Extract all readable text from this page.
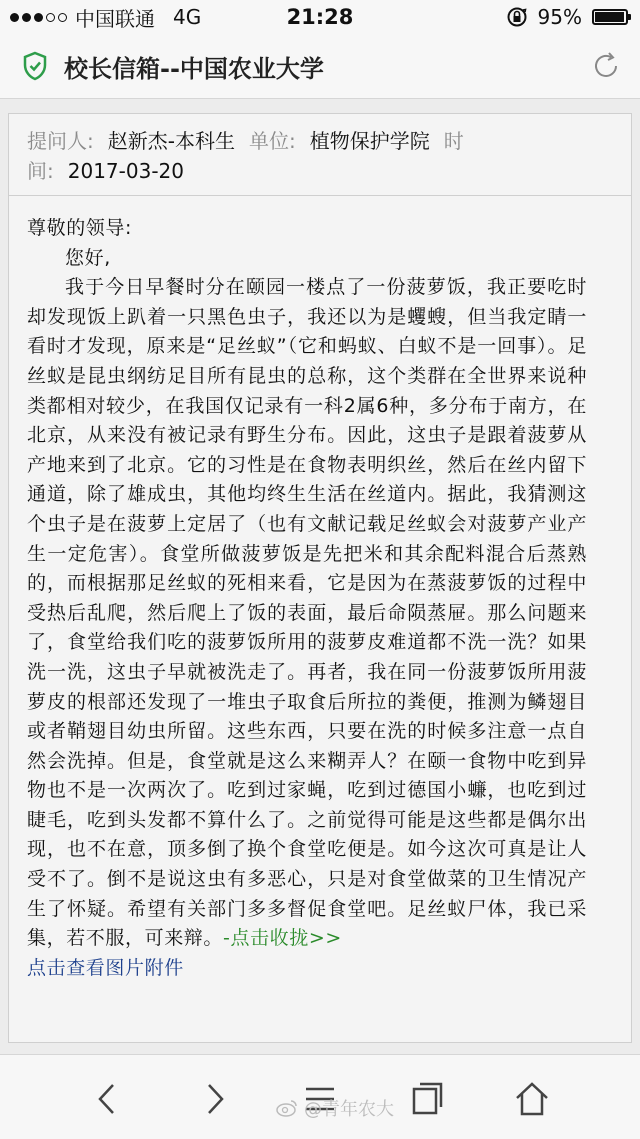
中国联通 4G	21:28	95%
校长信箱--中国农业大学
提问人: 赵新杰-本科生 单位: 植物保护学院 时
间: 2017-03-20

尊敬的领导:

您好,

我于今日早餐时分在颐园一楼点了一份菠萝饭，我正要吃时却发现饭上趴着一只黑色虫子，我还以为是蠼螋，但当我定睛一看时才发现，原来是“足丝蚁”（它和蚂蚁、白蚁不是一回事）。足丝蚁是昆虫纲纺足目所有昆虫的总称，这个类群在全世界来说种类都相对较少，在我国仅记录有一科2属6种，多分布于南方，在北京，从来没有被记录有野生分布。因此，这虫子是跟着菠萝从产地来到了北京。它的习性是在食物表明织丝，然后在丝内留下通道，除了雄成虫，其他均终生生活在丝道内。据此，我猜测这个虫子是在菠萝上定居了（也有文献记载足丝蚁会对菠萝产业产生一定危害）。食堂所做菠萝饭是先把米和其余配料混合后蒸熟的，而根据那足丝蚁的死相来看，它是因为在蒸菠萝饭的过程中受热后乱爬，然后爬上了饭的表面，最后命陨蒸屉。那么问题来了，食堂给我们吃的菠萝饭所用的菠萝皮难道都不洗一洗？如果洗一洗，这虫子早就被洗走了。再者，我在同一份菠萝饭所用菠萝皮的根部还发现了一堆虫子取食后所拉的粪便，推测为鳞翅目或者鞘翅目幼虫所留。这些东西，只要在洗的时候多注意一点自然会洗掉。但是，食堂就是这么来糊弄人？在颐一食物中吃到异物也不是一次两次了。吃到过家蝇，吃到过德国小蠊，也吃到过睫毛，吃到头发都不算什么了。之前觉得可能是这些都是偶尔出现，也不在意，顶多倒了换个食堂吃便是。如今这次可真是让人受不了。倒不是说这虫有多恶心，只是对食堂做菜的卫生情况产生了怀疑。希望有关部门多多督促食堂吧。足丝蚁尸体，我已采集，若不服，可来辩。-点击收拢>>

点击查看图片附件

@青年农大
